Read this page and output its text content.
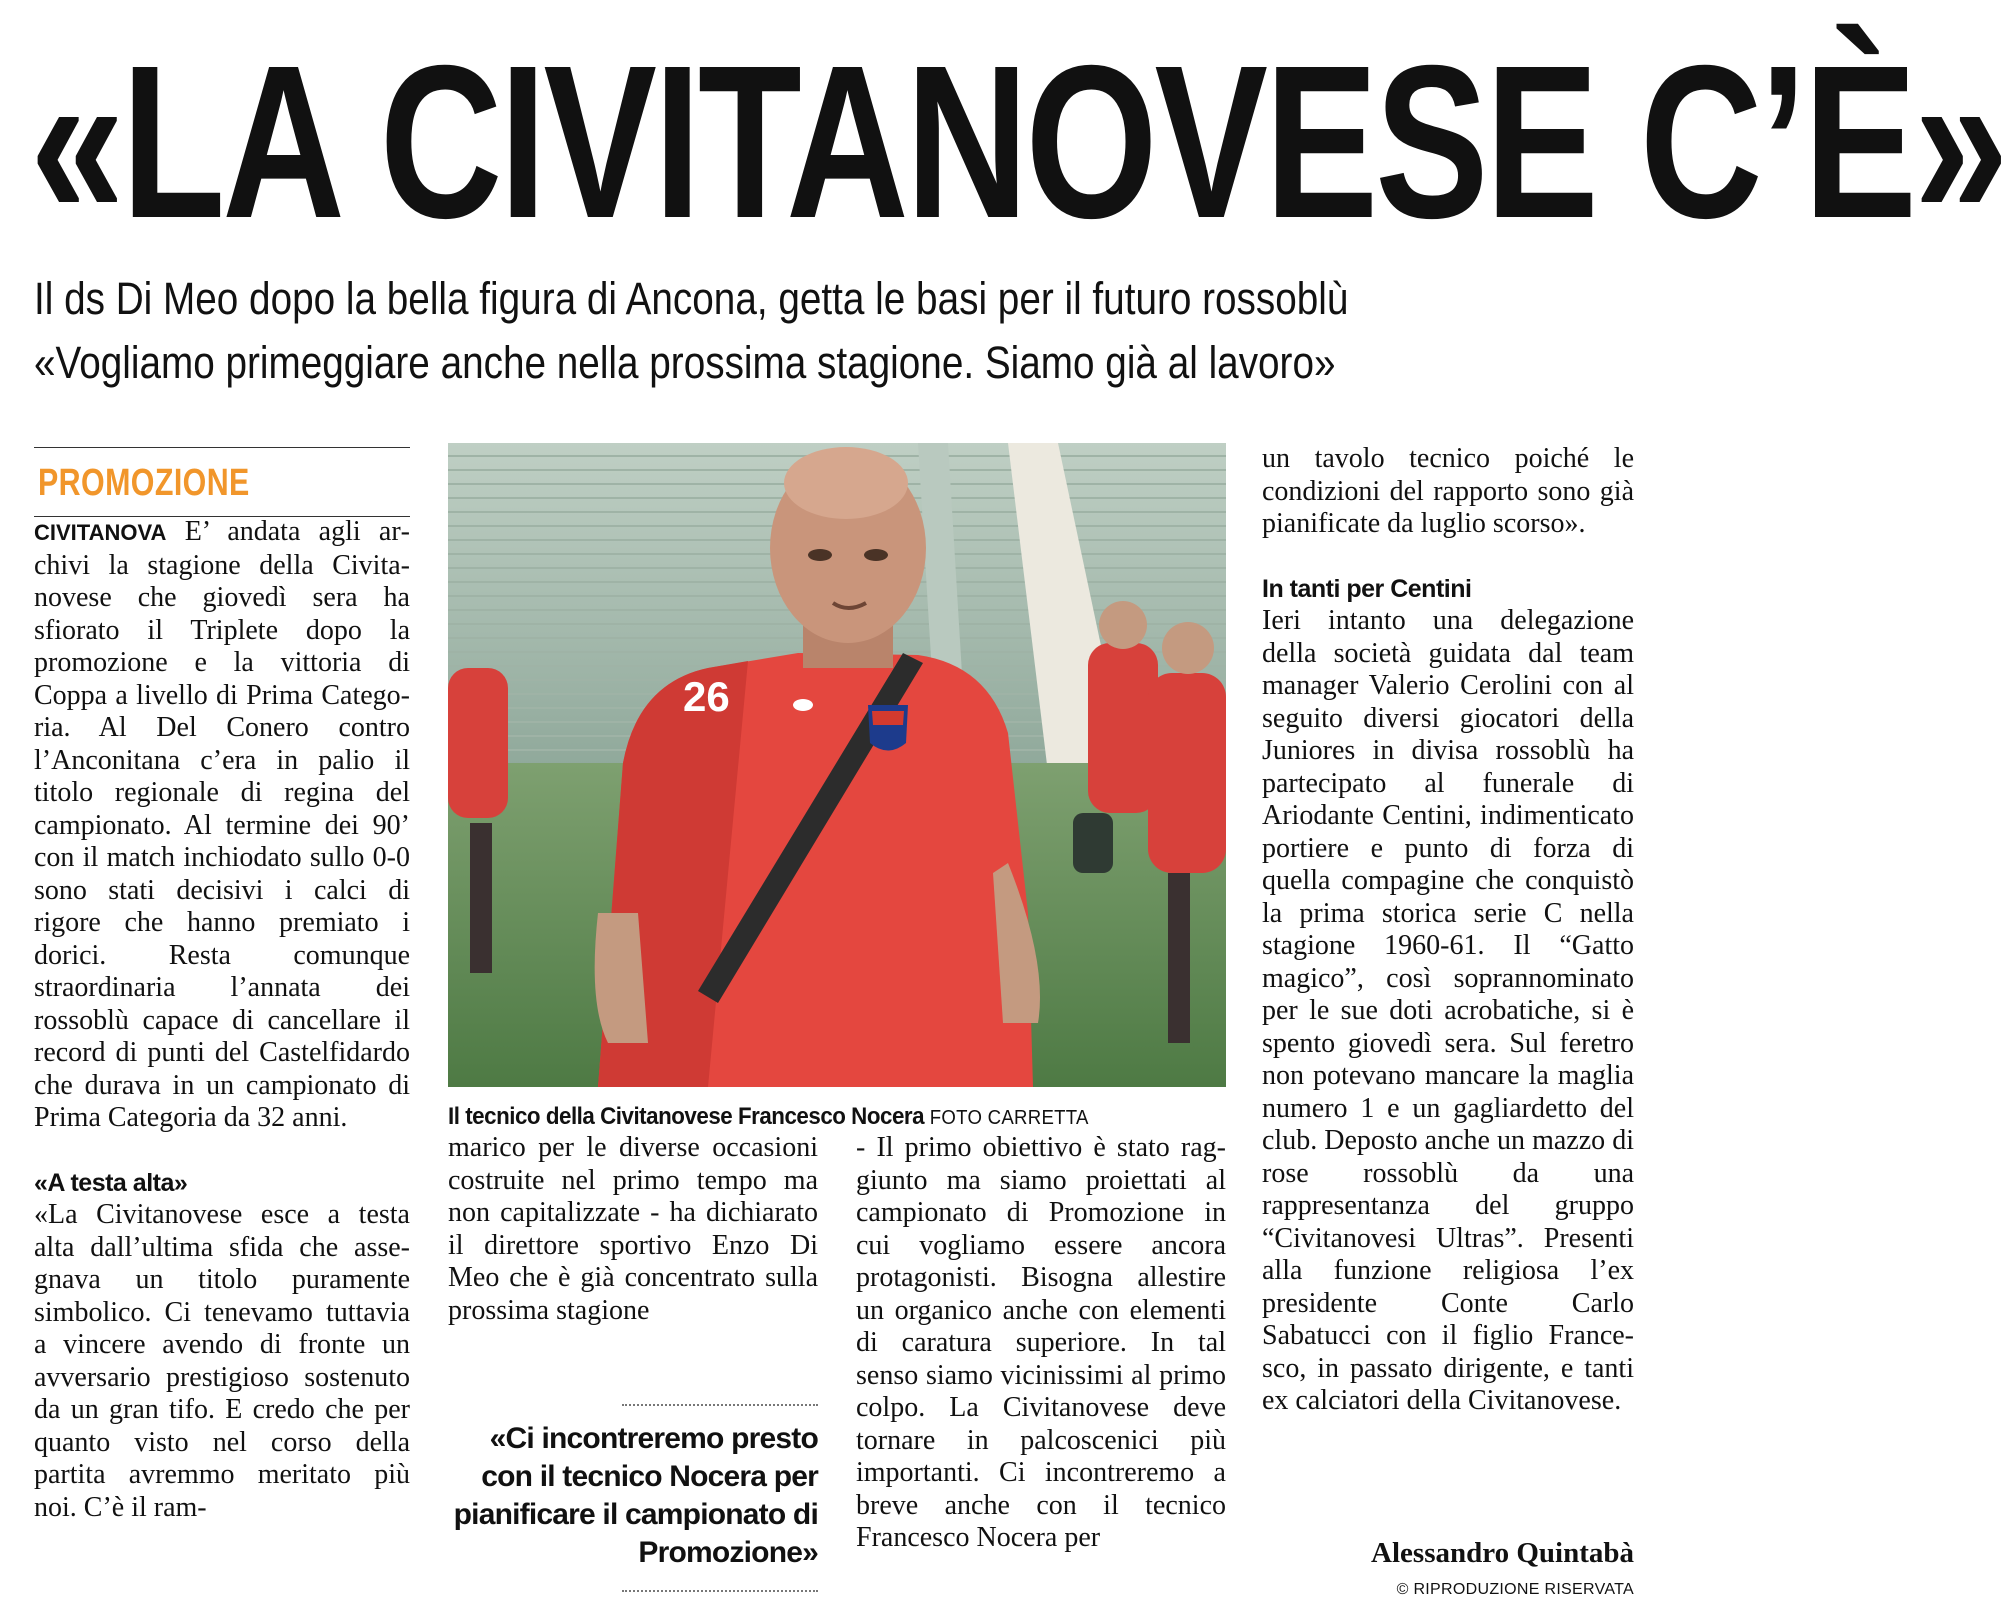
«LA CIVITANOVESE C’È»
Il ds Di Meo dopo la bella figura di Ancona, getta le basi per il futuro rossoblù
«Vogliamo primeggiare anche nella prossima stagione. Siamo già al lavoro»
PROMOZIONE

CIVITANOVA E’ andata agli archivi la stagione della Civitanovese che giovedì sera ha sfiorato il Triplete dopo la promozione e la vittoria di Coppa a livello di Prima Categoria. Al Del Conero contro l’Anconitana c’era in palio il titolo regionale di regina del campionato. Al termine dei 90’ con il match inchiodato sullo 0-0 sono stati decisivi i calci di rigore che hanno premiato i dorici. Resta comunque straordinaria l’annata dei rossoblù capace di cancellare il record di punti del Castelfidardo che durava in un campionato di Prima Categoria da 32 anni.

«A testa alta»

«La Civitanovese esce a testa alta dall’ultima sfida che assegnava un titolo puramente simbolico. Ci tenevamo tuttavia a vincere avendo di fronte un avversario prestigioso sostenuto da un gran tifo. E credo che per quanto visto nel corso della partita avremmo meritato più noi. C’è il ram-

26
Il tecnico della Civitanovese Francesco Nocera FOTO CARRETTA

marico per le diverse occasioni costruite nel primo tempo ma non capitalizzate - ha dichiarato il direttore sportivo Enzo Di Meo che è già concentrato sulla prossima stagione

«Ci incontreremo presto con il tecnico Nocera per pianificare il campionato di Promozione»

- Il primo obiettivo è stato raggiunto ma siamo proiettati al campionato di Promozione in cui vogliamo essere ancora protagonisti. Bisogna allestire un organico anche con elementi di caratura superiore. In tal senso siamo vicinissimi al primo colpo. La Civitanovese deve tornare in palcoscenici più importanti. Ci incontreremo a breve anche con il tecnico Francesco Nocera per

un tavolo tecnico poiché le condizioni del rapporto sono già pianificate da luglio scorso».

In tanti per Centini

Ieri intanto una delegazione della società guidata dal team manager Valerio Cerolini con al seguito diversi giocatori della Juniores in divisa rossoblù ha partecipato al funerale di Ariodante Centini, indimenticato portiere e punto di forza di quella compagine che conquistò la prima storica serie C nella stagione 1960-61. Il “Gatto magico”, così soprannominato per le sue doti acrobatiche, si è spento giovedì sera. Sul feretro non potevano mancare la maglia numero 1 e un gagliardetto del club. Deposto anche un mazzo di rose rossoblù da una rappresentanza del gruppo “Civitanovesi Ultras”. Presenti alla funzione religiosa l’ex presidente Conte Carlo Sabatucci con il figlio Francesco, in passato dirigente, e tanti ex calciatori della Civitanovese.

Alessandro Quintabà
© RIPRODUZIONE RISERVATA
